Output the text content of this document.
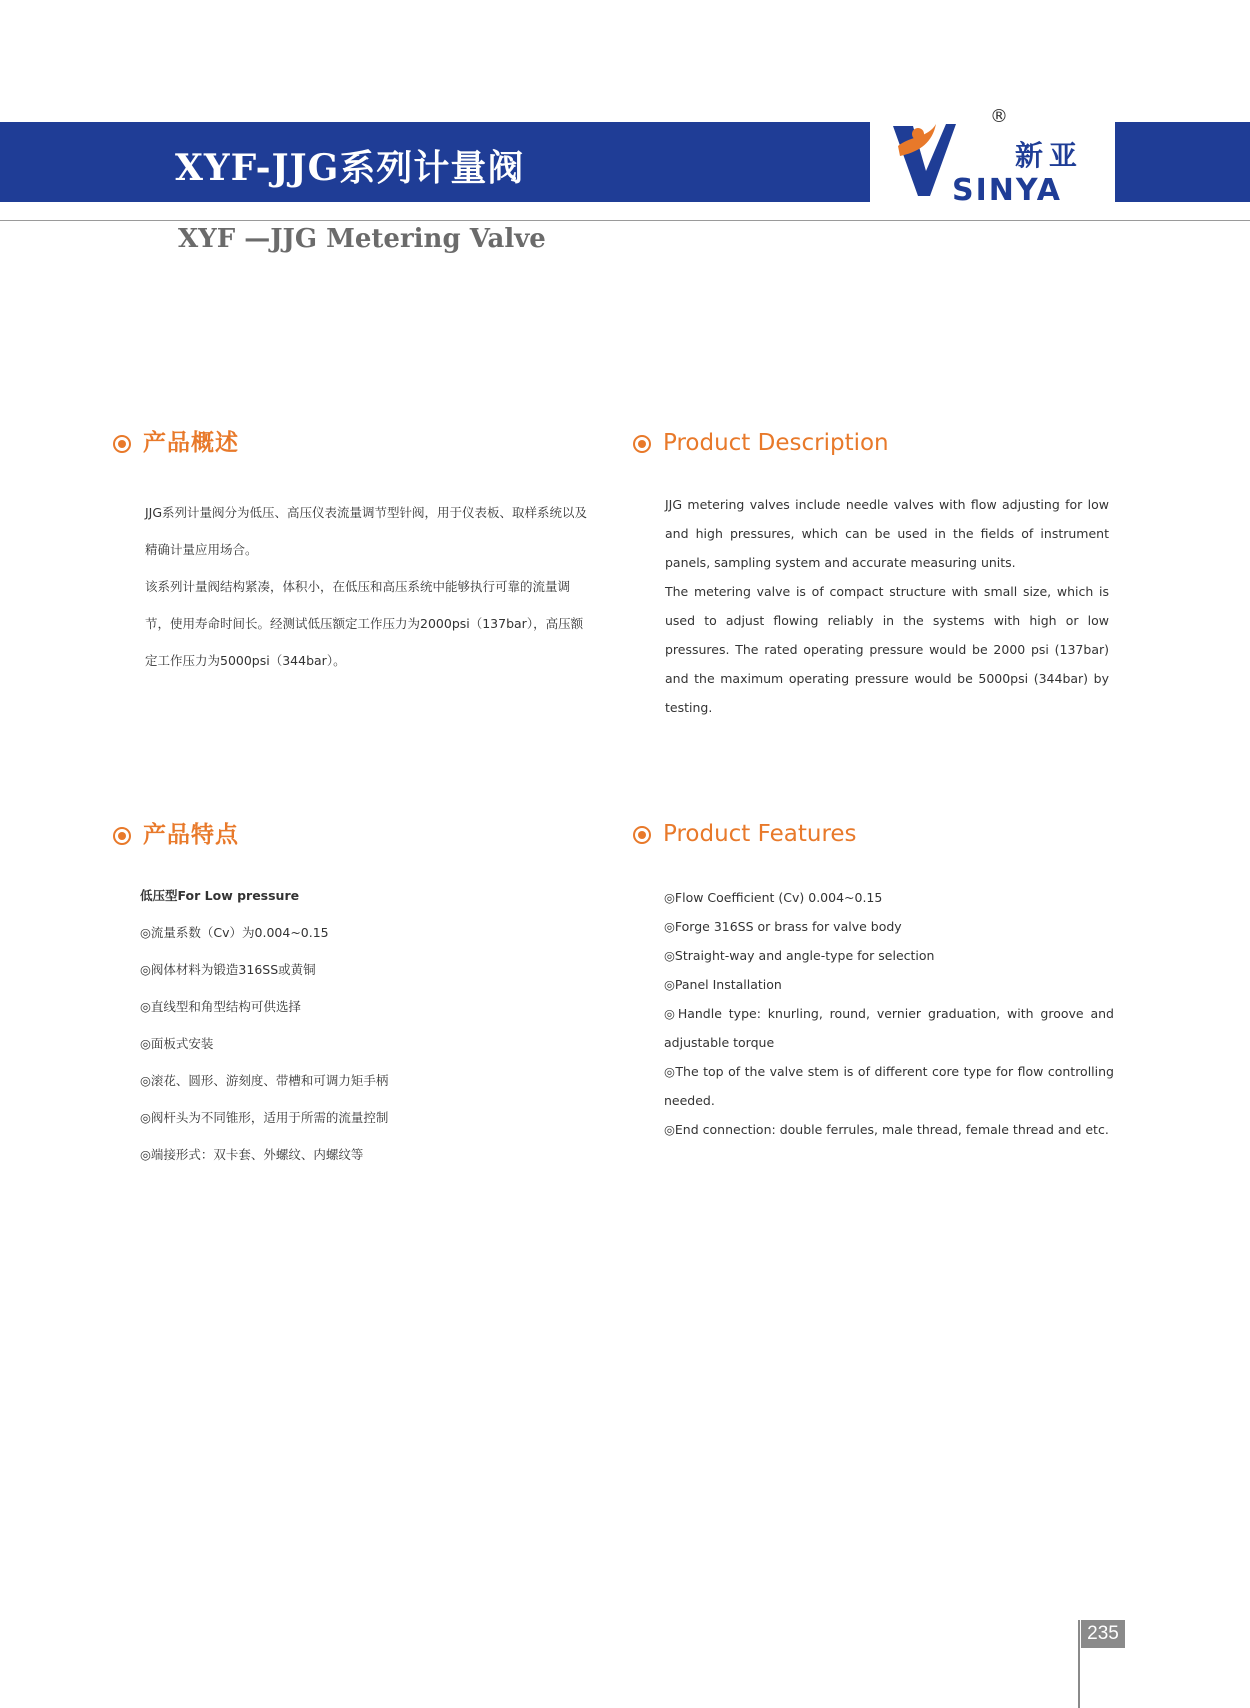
®
新亚
SINYA
XYF-JJG系列计量阀
XYF —JJG Metering Valve
产品概述

JJG系列计量阀分为低压、高压仪表流量调节型针阀，用于仪表板、取样系统以及精确计量应用场合。

该系列计量阀结构紧凑，体积小，在低压和高压系统中能够执行可靠的流量调节，使用寿命时间长。经测试低压额定工作压力为2000psi（137bar），高压额定工作压力为5000psi（344bar）。

Product Description

JJG metering valves include needle valves with flow adjusting for low and high pressures, which can be used in the fields of instrument panels, sampling system and accurate measuring units.

The metering valve is of compact structure with small size, which is used to adjust flowing reliably in the systems with high or low pressures. The rated operating pressure would be 2000 psi (137bar) and the maximum operating pressure would be 5000psi (344bar) by testing.

产品特点
低压型For Low pressure
◎流量系数（Cv）为0.004~0.15
◎阀体材料为锻造316SS或黄铜
◎直线型和角型结构可供选择
◎面板式安装
◎滚花、圆形、游刻度、带槽和可调力矩手柄
◎阀杆头为不同锥形，适用于所需的流量控制
◎端接形式：双卡套、外螺纹、内螺纹等
Product Features
◎Flow Coefficient (Cv) 0.004~0.15
◎Forge 316SS or brass for valve body
◎Straight-way and angle-type for selection
◎Panel Installation
◎Handle type: knurling, round, vernier graduation, with groove and adjustable torque
◎The top of the valve stem is of different core type for flow controlling needed.
◎End connection: double ferrules, male thread, female thread and etc.
235
